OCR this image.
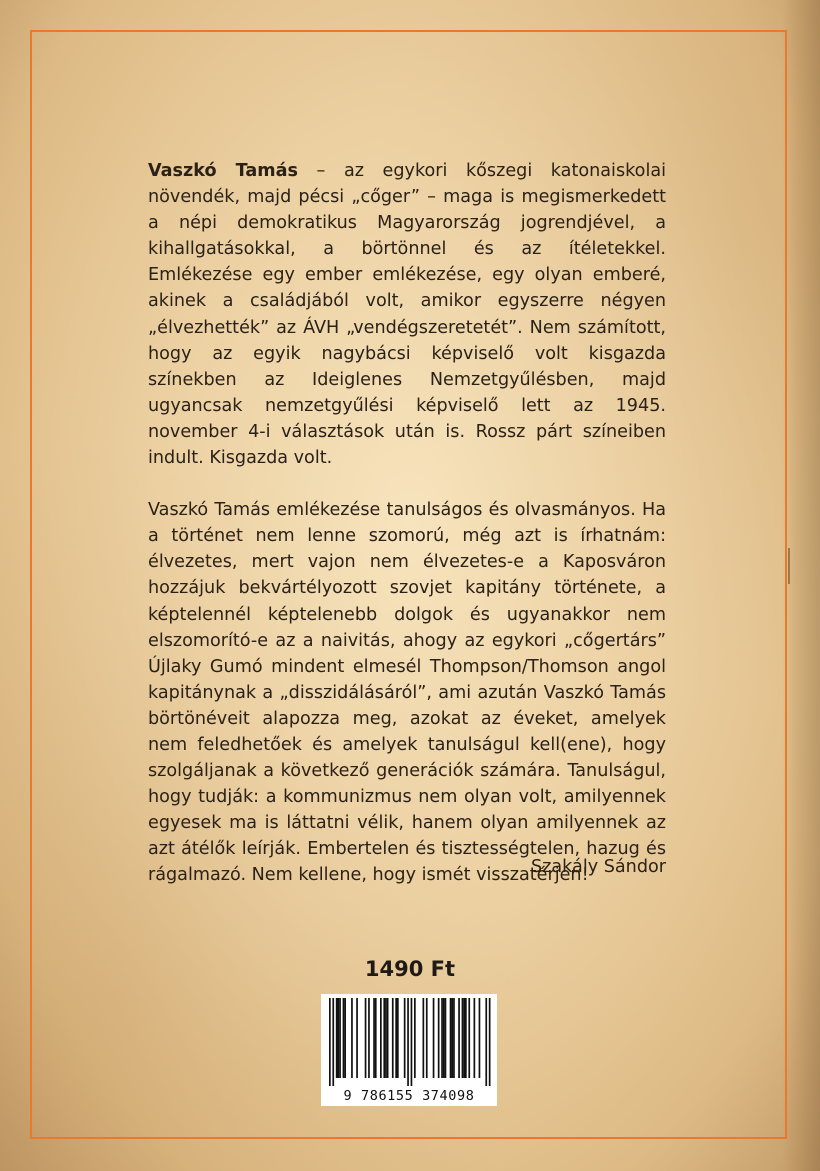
Vaszkó Tamás – az egykori kőszegi katonaiskolai növendék, majd pécsi „cőger” – maga is megismerkedett a népi demokratikus Magyarország jogrendjével, a kihallgatásokkal, a börtönnel és az ítéletekkel. Emlékezése egy ember emlékezése, egy olyan emberé, akinek a családjából volt, amikor egyszerre négyen „élvezhették” az ÁVH „vendégszeretetét”. Nem számított, hogy az egyik nagybácsi képviselő volt kisgazda színekben az Ideiglenes Nemzetgyűlésben, majd ugyancsak nemzetgyűlési képviselő lett az 1945. november 4-i választások után is. Rossz párt színeiben indult. Kisgazda volt.

Vaszkó Tamás emlékezése tanulságos és olvasmányos. Ha a történet nem lenne szomorú, még azt is írhatnám: élvezetes, mert vajon nem élvezetes-e a Kaposváron hozzájuk bekvártélyozott szovjet kapitány története, a képtelennél képtelenebb dolgok és ugyanakkor nem elszomorító-e az a naivitás, ahogy az egykori „cőgertárs” Újlaky Gumó mindent elmesél Thompson/Thomson angol kapitánynak a „disszidálásáról”, ami azután Vaszkó Tamás börtönéveit alapozza meg, azokat az éveket, amelyek nem feledhetőek és amelyek tanulságul kell(ene), hogy szolgáljanak a következő generációk számára. Tanulságul, hogy tudják: a kommunizmus nem olyan volt, amilyennek egyesek ma is láttatni vélik, hanem olyan amilyennek az azt átélők leírják. Embertelen és tisztességtelen, hazug és rágalmazó. Nem kellene, hogy ismét visszatérjen!

Szakály Sándor
1490 Ft
9 786155 374098
